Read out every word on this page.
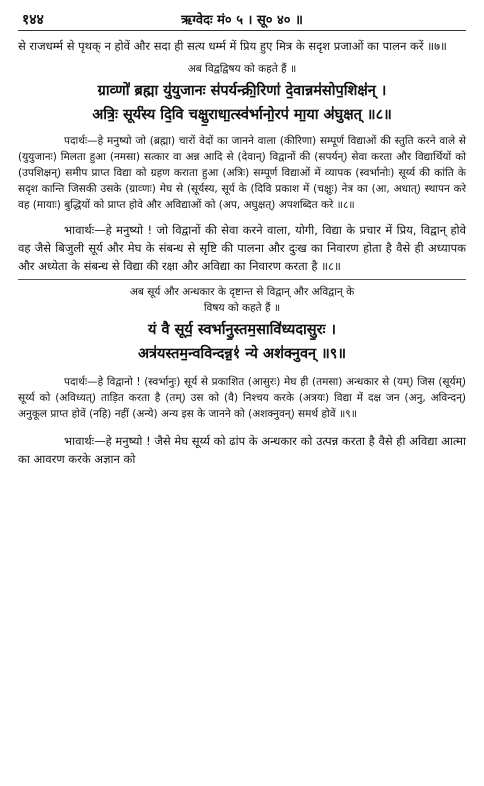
१४४	ऋग्वेदः मं० ५ । सू० ४० ॥

से राजधर्म्म से पृथक् न होवें और सदा ही सत्य धर्म्म में प्रिय हुए मित्र के सदृश प्रजाओं का पालन करें ॥७॥

अब विद्वद्विषय को कहते हैं ॥

ग्राव्णो॑ ब्रह्मा यु॑युजानः स॑पर्यन्क्री॒रिणा॑ दे॒वान्नम॑सोप॒शिक्ष॑न् ।

अत्रिः॒ सूर्य॑स्य दि॒वि चक्षु॒राधा॒त्स्व॑र्भानो॒रप॑ मा॒या अ॑घुक्षत् ॥८॥

पदार्थः—हे मनुष्यो जो (ब्रह्मा) चारों वेदों का जानने वाला (कीरिणा) सम्पूर्ण विद्याओं की स्तुति करने वाले से (युयुजानः) मिलता हुआ (नमसा) सत्कार वा अन्न आदि से (देवान्) विद्वानों की (सपर्यन्) सेवा करता और विद्यार्थियों को (उपशिक्षन्) समीप प्राप्त विद्या को ग्रहण कराता हुआ (अत्रिः) सम्पूर्ण विद्याओं में व्यापक (स्वर्भानोः) सूर्य्य की कांति के सदृश कान्ति जिसकी उसके (ग्राव्णः) मेघ से (सूर्यस्य, सूर्य के (दिवि प्रकाश में (चक्षुः) नेत्र का (आ, अधात्) स्थापन करे वह (मायाः) बुद्धियों को प्राप्त होवे और अविद्याओं को (अप, अघुक्षत्) अपशब्दित करे ॥८॥

भावार्थः—हे मनुष्यो ! जो विद्वानों की सेवा करने वाला, योगी, विद्या के प्रचार में प्रिय, विद्वान् होवे वह जैसे बिजुली सूर्य और मेघ के संबन्ध से सृष्टि की पालना और दुःख का निवारण होता है वैसे ही अध्यापक और अध्येता के संबन्ध से विद्या की रक्षा और अविद्या का निवारण करता है ॥८॥

अब सूर्य और अन्धकार के दृष्टान्त से विद्वान् और अविद्वान् के

विषय को कहते हैं ॥

यं वै सूर्य॒ स्वर्भानु॒स्तम॒सावि॑ध्यदासु॒रः ।

अत्र॑यस्तम॒न्वविन्दन्न॒१॑ न्ये अश॑क्नुवन् ॥९॥

पदार्थः—हे विद्वानो ! (स्वर्भानुः) सूर्य से प्रकाशित (आसुरः) मेघ ही (तमसा) अन्धकार से (यम्) जिस (सूर्यम्) सूर्य्य को (अविध्यत्) ताड़ित करता है (तम्) उस को (वै) निश्चय करके (अत्रयः) विद्या में दक्ष जन (अनु, अविन्दन्) अनुकूल प्राप्त होवें (नहि) नहीं (अन्ये) अन्य इस के जानने को (अशक्नुवन्) समर्थ होवें ॥९॥

भावार्थः—हे मनुष्यो ! जैसे मेघ सूर्य्य को ढांप के अन्धकार को उत्पन्न करता है वैसे ही अविद्या आत्मा का आवरण करके अज्ञान को
